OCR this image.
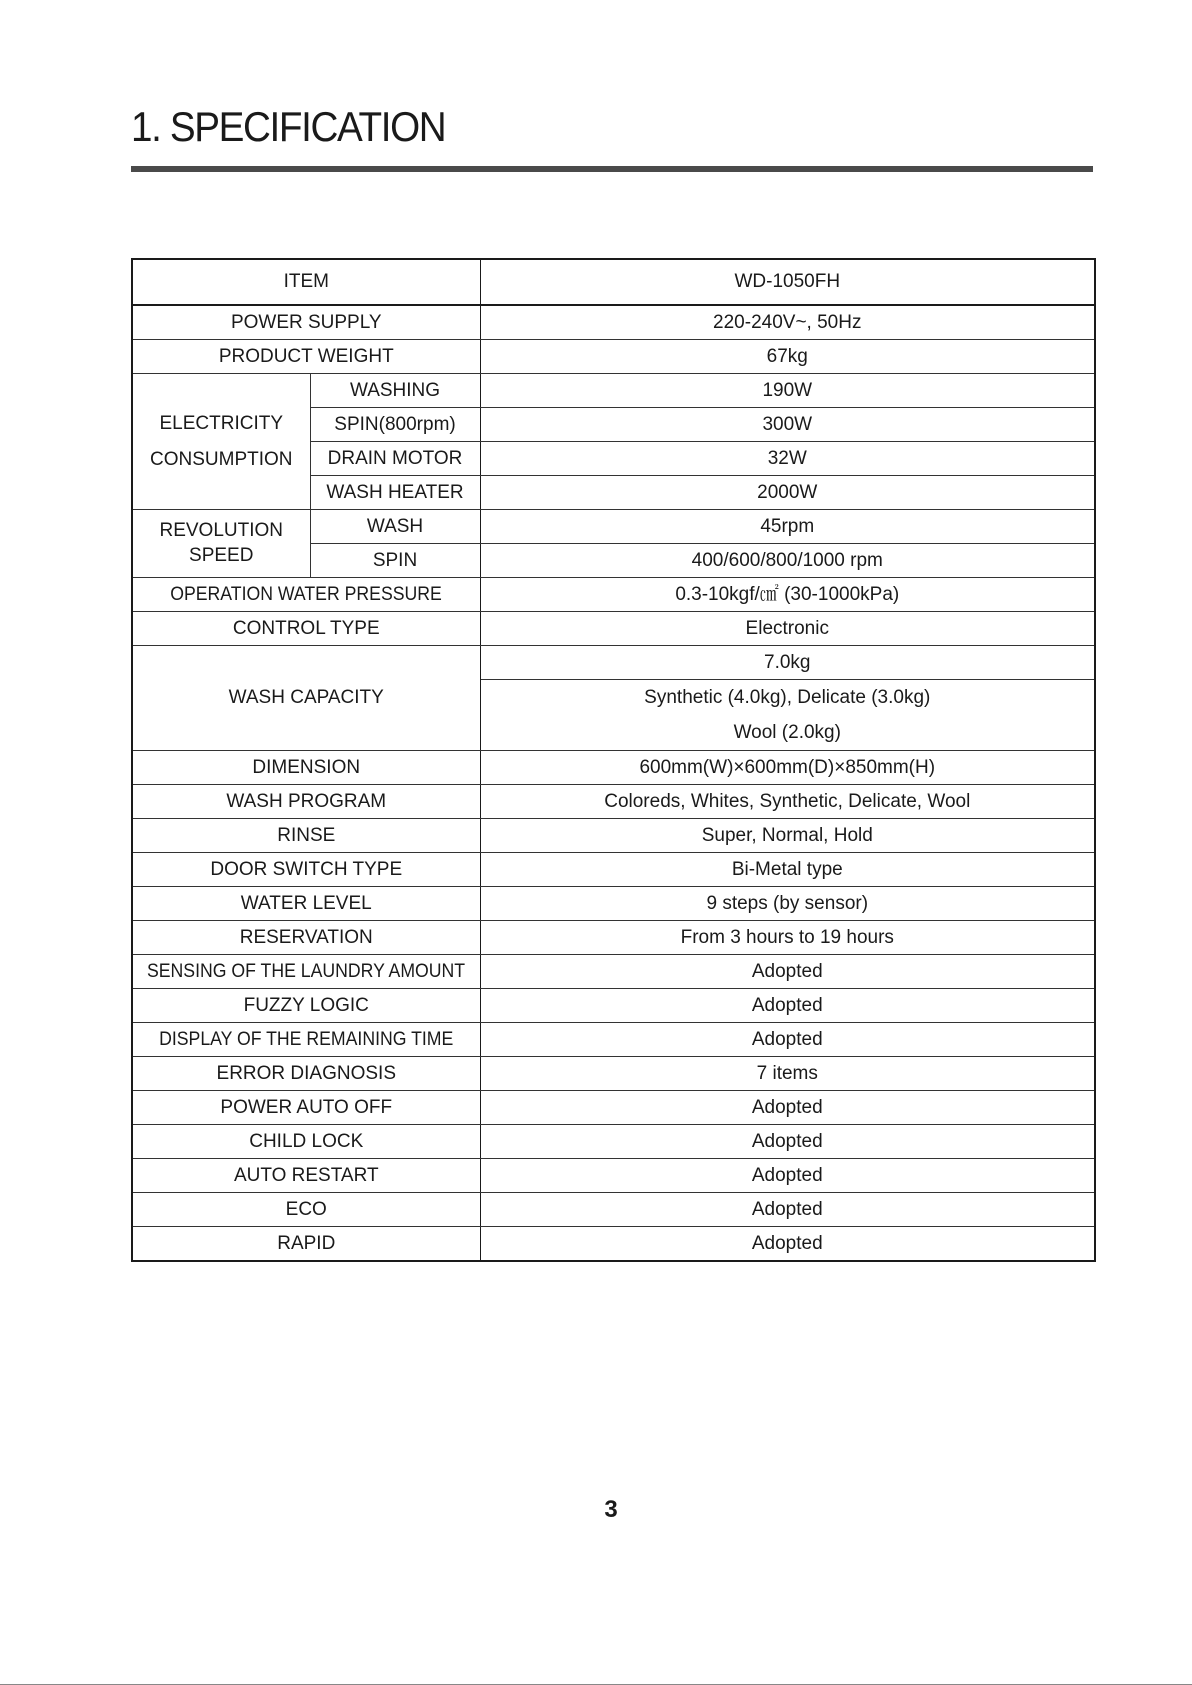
1. SPECIFICATION
ITEM		WD-1050FH
POWER SUPPLY		220-240V~, 50Hz
PRODUCT WEIGHT		67kg

ELECTRICITY
CONSUMPTION	WASHING	190W
	SPIN(800rpm)	300W
	DRAIN MOTOR	32W
	WASH HEATER	2000W

REVOLUTION
SPEED	WASH	45rpm
	SPIN	400/600/800/1000 rpm
OPERATION WATER PRESSURE		0.3-10kgf/㎠ (30-1000kPa)
CONTROL TYPE		Electronic
WASH CAPACITY		7.0kg

		Synthetic (4.0kg), Delicate (3.0kg)
Wool (2.0kg)

DIMENSION		600mm(W)×600mm(D)×850mm(H)
WASH PROGRAM		Coloreds, Whites, Synthetic, Delicate, Wool
RINSE		Super, Normal, Hold
DOOR SWITCH TYPE		Bi-Metal type
WATER LEVEL		9 steps (by sensor)
RESERVATION		From 3 hours to 19 hours
SENSING OF THE LAUNDRY AMOUNT		Adopted
FUZZY LOGIC		Adopted
DISPLAY OF THE REMAINING TIME		Adopted
ERROR DIAGNOSIS		7 items
POWER AUTO OFF		Adopted
CHILD LOCK		Adopted
AUTO RESTART		Adopted
ECO		Adopted
RAPID		Adopted
3
